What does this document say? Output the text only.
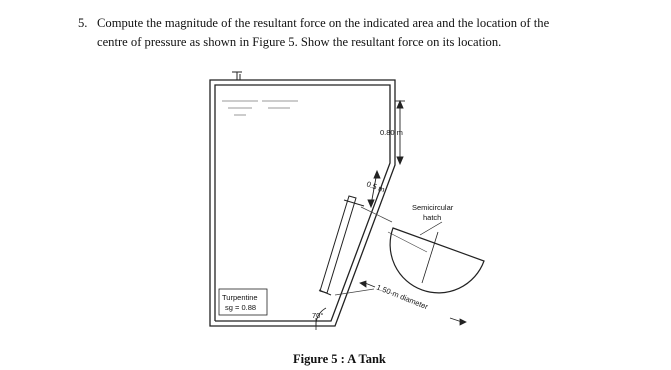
5. Compute the magnitude of the resultant force on the indicated area and the location of the
centre of pressure as shown in Figure 5. Show the resultant force on its location.
0.80 m
0.5 m
Semicircular
hatch
1.50-m diameter
Turpentine
sg = 0.88
70°
Figure 5 : A Tank
